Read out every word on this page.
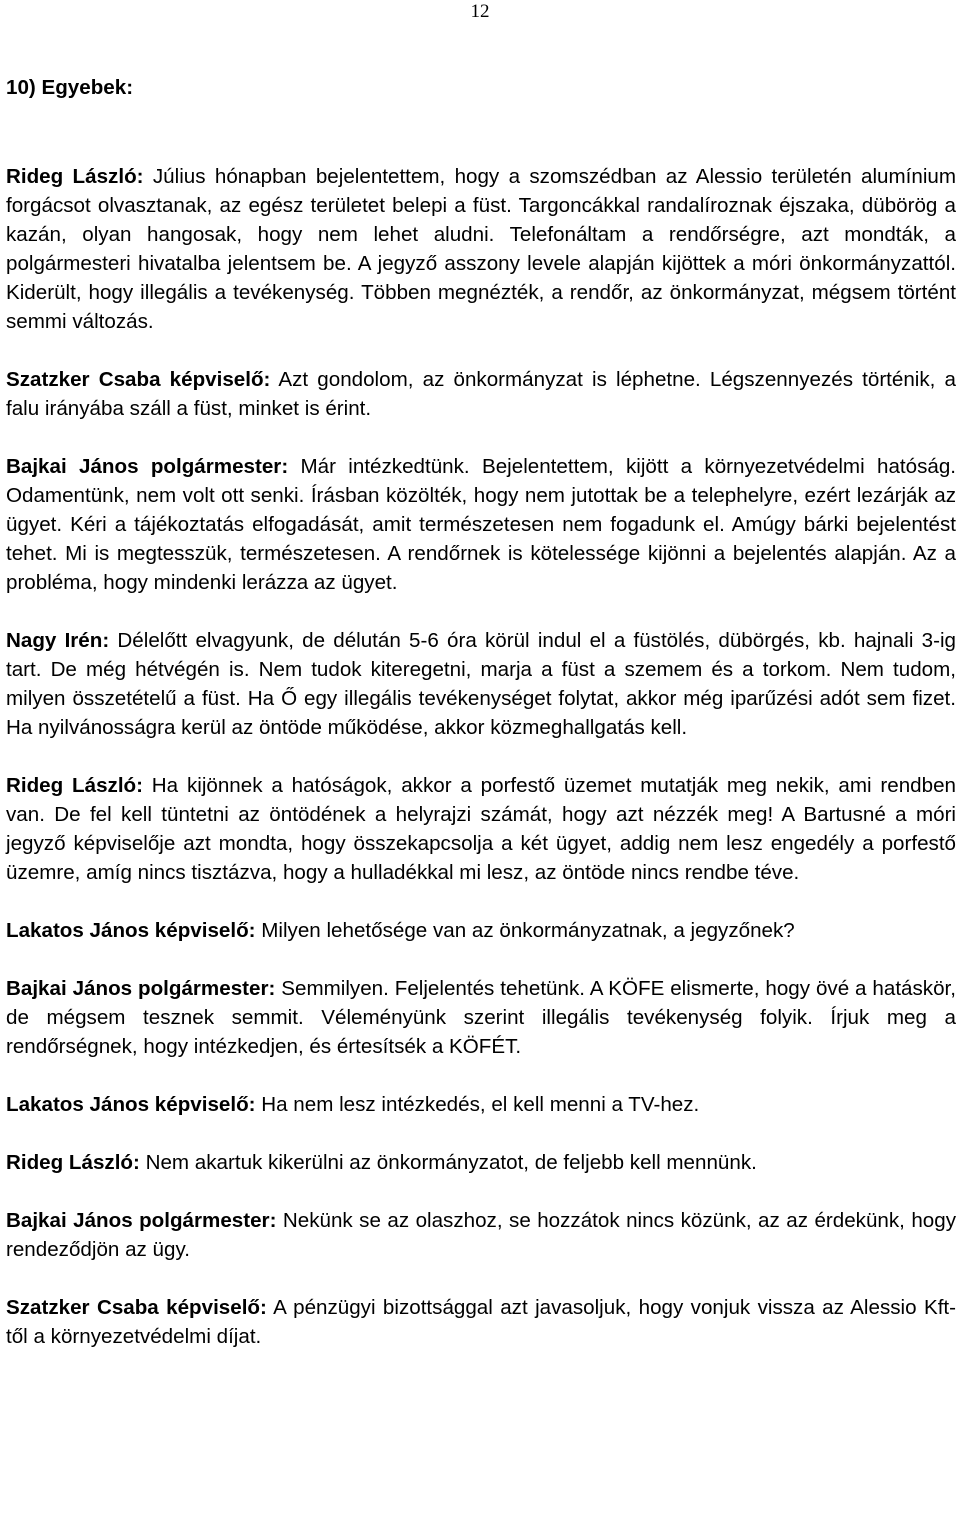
12
10) Egyebek:

Rideg László: Július hónapban bejelentettem, hogy a szomszédban az Alessio területén alumínium forgácsot olvasztanak, az egész területet belepi a füst. Targoncákkal randalíroznak éjszaka, dübörög a kazán, olyan hangosak, hogy nem lehet aludni. Telefonáltam a rendőrségre, azt mondták, a polgármesteri hivatalba jelentsem be. A jegyző asszony levele alapján kijöttek a móri önkormányzattól. Kiderült, hogy illegális a tevékenység. Többen megnézték, a rendőr, az önkormányzat, mégsem történt semmi változás.

Szatzker Csaba képviselő: Azt gondolom, az önkormányzat is léphetne. Légszennyezés történik, a falu irányába száll a füst, minket is érint.

Bajkai János polgármester: Már intézkedtünk. Bejelentettem, kijött a környezetvédelmi hatóság. Odamentünk, nem volt ott senki. Írásban közölték, hogy nem jutottak be a telephelyre, ezért lezárják az ügyet. Kéri a tájékoztatás elfogadását, amit természetesen nem fogadunk el. Amúgy bárki bejelentést tehet. Mi is megtesszük, természetesen. A rendőrnek is kötelessége kijönni a bejelentés alapján. Az a probléma, hogy mindenki lerázza az ügyet.

Nagy Irén: Délelőtt elvagyunk, de délután 5-6 óra körül indul el a füstölés, dübörgés, kb. hajnali 3-ig tart. De még hétvégén is. Nem tudok kiteregetni, marja a füst a szemem és a torkom. Nem tudom, milyen összetételű a füst. Ha Ő egy illegális tevékenységet folytat, akkor még iparűzési adót sem fizet. Ha nyilvánosságra kerül az öntöde működése, akkor közmeghallgatás kell.

Rideg László: Ha kijönnek a hatóságok, akkor a porfestő üzemet mutatják meg nekik, ami rendben van. De fel kell tüntetni az öntödének a helyrajzi számát, hogy azt nézzék meg! A Bartusné a móri jegyző képviselője azt mondta, hogy összekapcsolja a két ügyet, addig nem lesz engedély a porfestő üzemre, amíg nincs tisztázva, hogy a hulladékkal mi lesz, az öntöde nincs rendbe téve.

Lakatos János képviselő: Milyen lehetősége van az önkormányzatnak, a jegyzőnek?

Bajkai János polgármester: Semmilyen. Feljelentés tehetünk. A KÖFE elismerte, hogy övé a hatáskör, de mégsem tesznek semmit. Véleményünk szerint illegális tevékenység folyik. Írjuk meg a rendőrségnek, hogy intézkedjen, és értesítsék a KÖFÉT.

Lakatos János képviselő: Ha nem lesz intézkedés, el kell menni a TV-hez.

Rideg László: Nem akartuk kikerülni az önkormányzatot, de feljebb kell mennünk.

Bajkai János polgármester: Nekünk se az olaszhoz, se hozzátok nincs közünk, az az érdekünk, hogy rendeződjön az ügy.

Szatzker Csaba képviselő: A pénzügyi bizottsággal azt javasoljuk, hogy vonjuk vissza az Alessio Kft-től a környezetvédelmi díjat.
